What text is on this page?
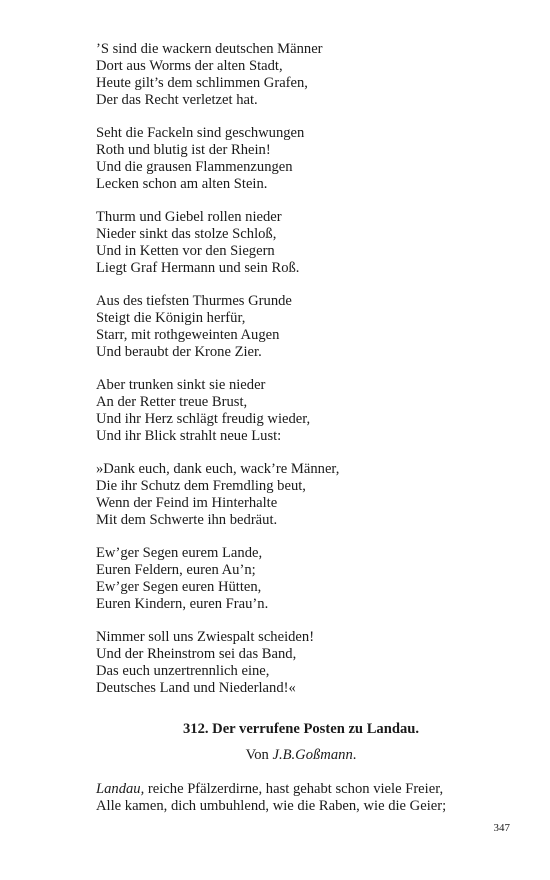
’S sind die wackern deutschen Männer
Dort aus Worms der alten Stadt,
Heute gilt’s dem schlimmen Grafen,
Der das Recht verletzet hat.
Seht die Fackeln sind geschwungen
Roth und blutig ist der Rhein!
Und die grausen Flammenzungen
Lecken schon am alten Stein.
Thurm und Giebel rollen nieder
Nieder sinkt das stolze Schloß,
Und in Ketten vor den Siegern
Liegt Graf Hermann und sein Roß.
Aus des tiefsten Thurmes Grunde
Steigt die Königin herfür,
Starr, mit rothgeweinten Augen
Und beraubt der Krone Zier.
Aber trunken sinkt sie nieder
An der Retter treue Brust,
Und ihr Herz schlägt freudig wieder,
Und ihr Blick strahlt neue Lust:
»Dank euch, dank euch, wack’re Männer,
Die ihr Schutz dem Fremdling beut,
Wenn der Feind im Hinterhalte
Mit dem Schwerte ihn bedräut.
Ew’ger Segen eurem Lande,
Euren Feldern, euren Au’n;
Ew’ger Segen euren Hütten,
Euren Kindern, euren Frau’n.
Nimmer soll uns Zwiespalt scheiden!
Und der Rheinstrom sei das Band,
Das euch unzertrennlich eine,
Deutsches Land und Niederland!«
312. Der verrufene Posten zu Landau.
Von J.B.Goßmann.
Landau, reiche Pfälzerdirne, hast gehabt schon viele Freier,
Alle kamen, dich umbuhlend, wie die Raben, wie die Geier;
347
